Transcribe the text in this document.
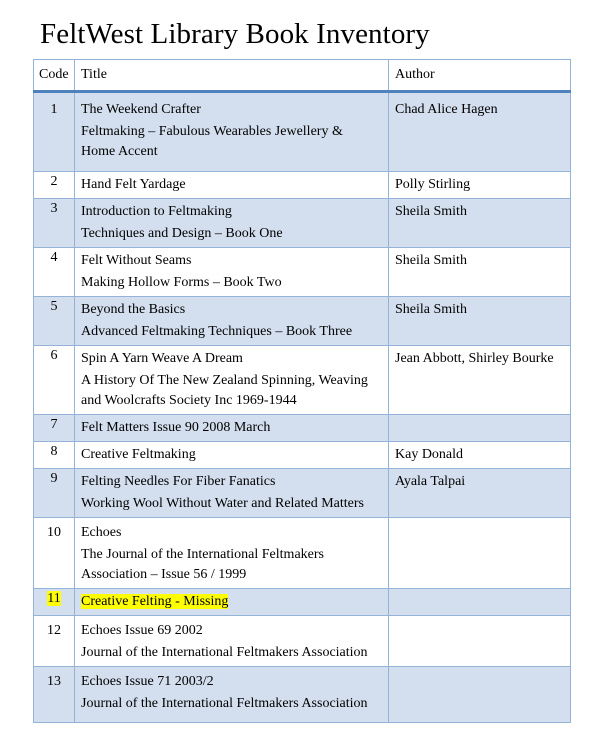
FeltWest Library Book Inventory
Code	Title	Author
1	The Weekend Crafter
Feltmaking – Fabulous Wearables Jewellery &
Home Accent	Chad Alice Hagen
2	Hand Felt Yardage	Polly Stirling
3	Introduction to Feltmaking
Techniques and Design – Book One	Sheila Smith
4	Felt Without Seams
Making Hollow Forms – Book Two	Sheila Smith
5	Beyond the Basics
Advanced Feltmaking Techniques – Book Three	Sheila Smith
6	Spin A Yarn Weave A Dream
A History Of The New Zealand Spinning, Weaving
and Woolcrafts Society Inc 1969-1944	Jean Abbott, Shirley Bourke
7	Felt Matters Issue 90 2008 March	

8	Creative Feltmaking	Kay Donald
9	Felting Needles For Fiber Fanatics
Working Wool Without Water and Related Matters	Ayala Talpai
10	Echoes
The Journal of the International Feltmakers
Association – Issue 56 / 1999	

11	Creative Felting - Missing	

12	Echoes Issue 69 2002
Journal of the International Feltmakers Association	

13	Echoes Issue 71 2003/2
Journal of the International Feltmakers Association	
